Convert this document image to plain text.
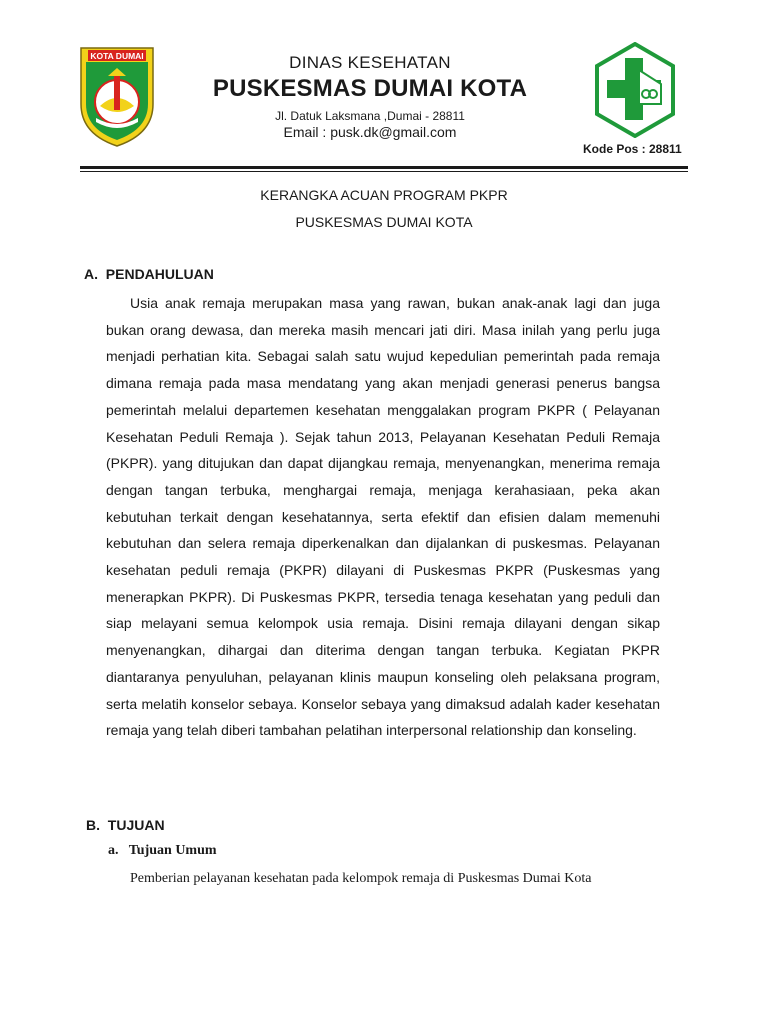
KOTA DUMAI	DINAS KESEHATAN
PUSKESMAS DUMAI KOTA
Jl. Datuk Laksmana ,Dumai - 28811
Email : pusk.dk@gmail.com
Kode Pos : 28811
KERANGKA ACUAN PROGRAM PKPR
PUSKESMAS DUMAI KOTA
A.  PENDAHULUAN

Usia anak remaja merupakan masa yang rawan, bukan anak-anak lagi dan juga bukan orang dewasa, dan mereka masih mencari jati diri. Masa inilah yang perlu juga menjadi perhatian kita. Sebagai salah satu wujud kepedulian pemerintah pada remaja dimana remaja pada masa mendatang yang akan menjadi generasi penerus bangsa pemerintah melalui departemen kesehatan menggalakan program PKPR ( Pelayanan Kesehatan Peduli Remaja ). Sejak tahun 2013, Pelayanan Kesehatan Peduli Remaja (PKPR). yang ditujukan dan dapat dijangkau remaja, menyenangkan, menerima remaja dengan tangan terbuka, menghargai remaja, menjaga kerahasiaan, peka akan kebutuhan terkait dengan kesehatannya, serta efektif dan efisien dalam memenuhi kebutuhan dan selera remaja diperkenalkan dan dijalankan di puskesmas. Pelayanan kesehatan peduli remaja (PKPR) dilayani di Puskesmas PKPR (Puskesmas yang menerapkan PKPR). Di Puskesmas PKPR, tersedia tenaga kesehatan yang peduli dan siap melayani semua kelompok usia remaja. Disini remaja dilayani dengan sikap menyenangkan, dihargai dan diterima dengan tangan terbuka. Kegiatan PKPR diantaranya penyuluhan, pelayanan klinis maupun konseling oleh pelaksana program, serta melatih konselor sebaya. Konselor sebaya yang dimaksud adalah kader kesehatan remaja yang telah diberi tambahan pelatihan interpersonal relationship dan konseling.

B.  TUJUAN
a.   Tujuan Umum
Pemberian pelayanan kesehatan pada kelompok remaja di Puskesmas Dumai Kota
